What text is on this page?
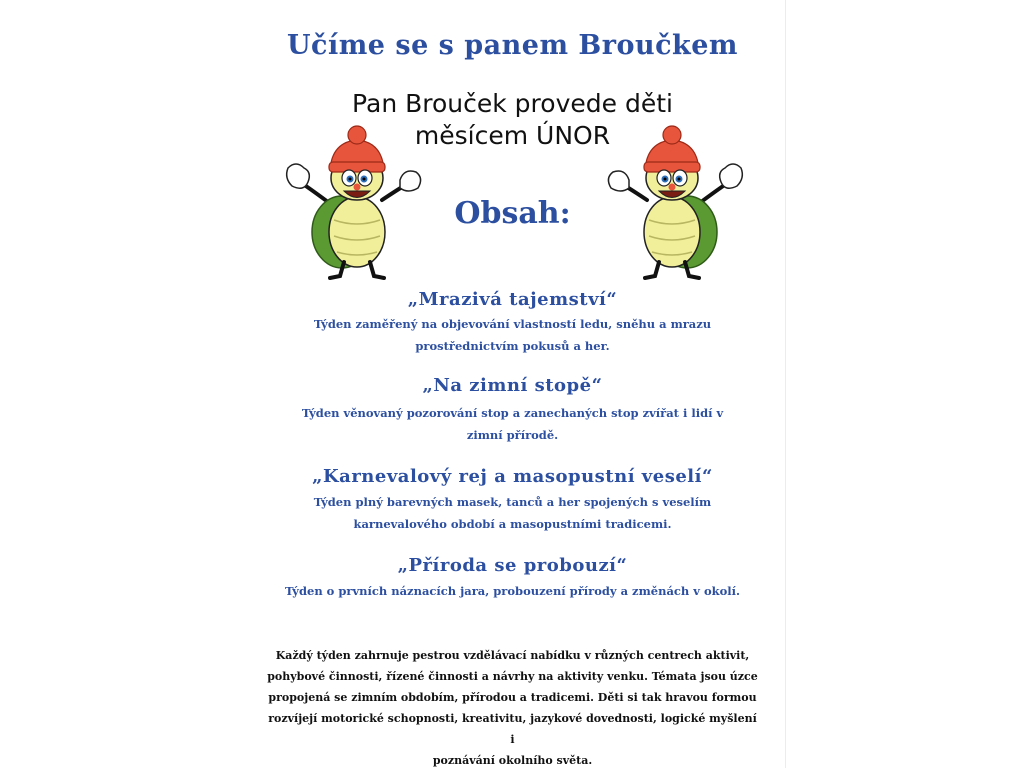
Učíme se s panem Broučkem
Pan Brouček provede děti
měsícem ÚNOR
Obsah:
„Mrazivá tajemství“
Týden zaměřený na objevování vlastností ledu, sněhu a mrazu
prostřednictvím pokusů a her.
„Na zimní stopě“
Týden věnovaný pozorování stop a zanechaných stop zvířat i lidí v
zimní přírodě.
„Karnevalový rej a masopustní veselí“
Týden plný barevných masek, tanců a her spojených s veselím
karnevalového období a masopustními tradicemi.
„Příroda se probouzí“
Týden o prvních náznacích jara, probouzení přírody a změnách v okolí.
Každý týden zahrnuje pestrou vzdělávací nabídku v různých centrech aktivit,
pohybové činnosti, řízené činnosti a návrhy na aktivity venku. Témata jsou úzce
propojená se zimním obdobím, přírodou a tradicemi. Děti si tak hravou formou
rozvíjejí motorické schopnosti, kreativitu, jazykové dovednosti, logické myšlení i
poznávání okolního světa.
